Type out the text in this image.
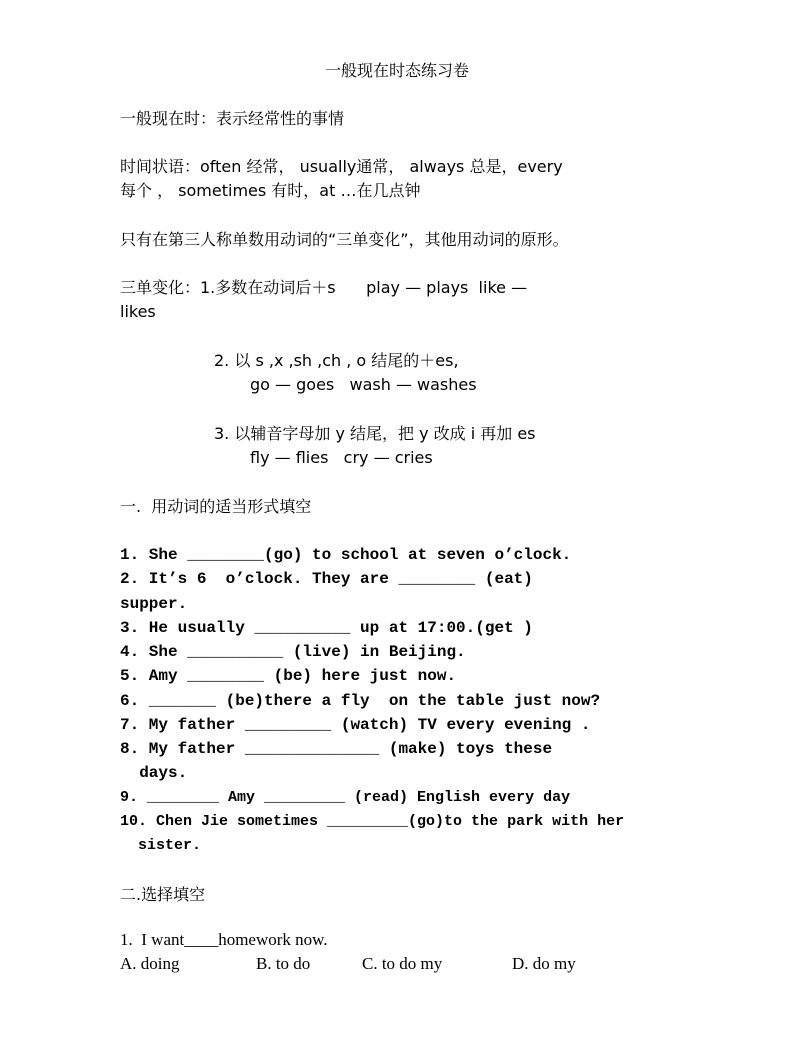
一般现在时态练习卷
一般现在时：表示经常性的事情
时间状语：often 经常， usually通常， always 总是，every
每个 ， sometimes 有时，at …在几点钟
只有在第三人称单数用动词的“三单变化”，其他用动词的原形。
三单变化：1.多数在动词后＋s      play — plays  like —
likes
2. 以 s ,x ,sh ,ch , o 结尾的＋es,
go — goes   wash — washes
3. 以辅音字母加 y 结尾，把 y 改成 i 再加 es
fly — flies   cry — cries
一.  用动词的适当形式填空
1. She ________(go) to school at seven o’clock.
2. It’s 6  o’clock. They are ________ (eat)
supper.
3. He usually __________ up at 17:00.(get )
4. She __________ (live) in Beijing.
5. Amy ________ (be) here just now.
6. _______ (be)there a fly  on the table just now?
7. My father _________ (watch) TV every evening .
8. My father ______________ (make) toys these
days.
9. ________ Amy _________ (read) English every day
10. Chen Jie sometimes _________(go)to the park with her
sister.
二.选择填空
1.  I want____homework now.
A. doing	B. to do	C. to do my	D. do my
